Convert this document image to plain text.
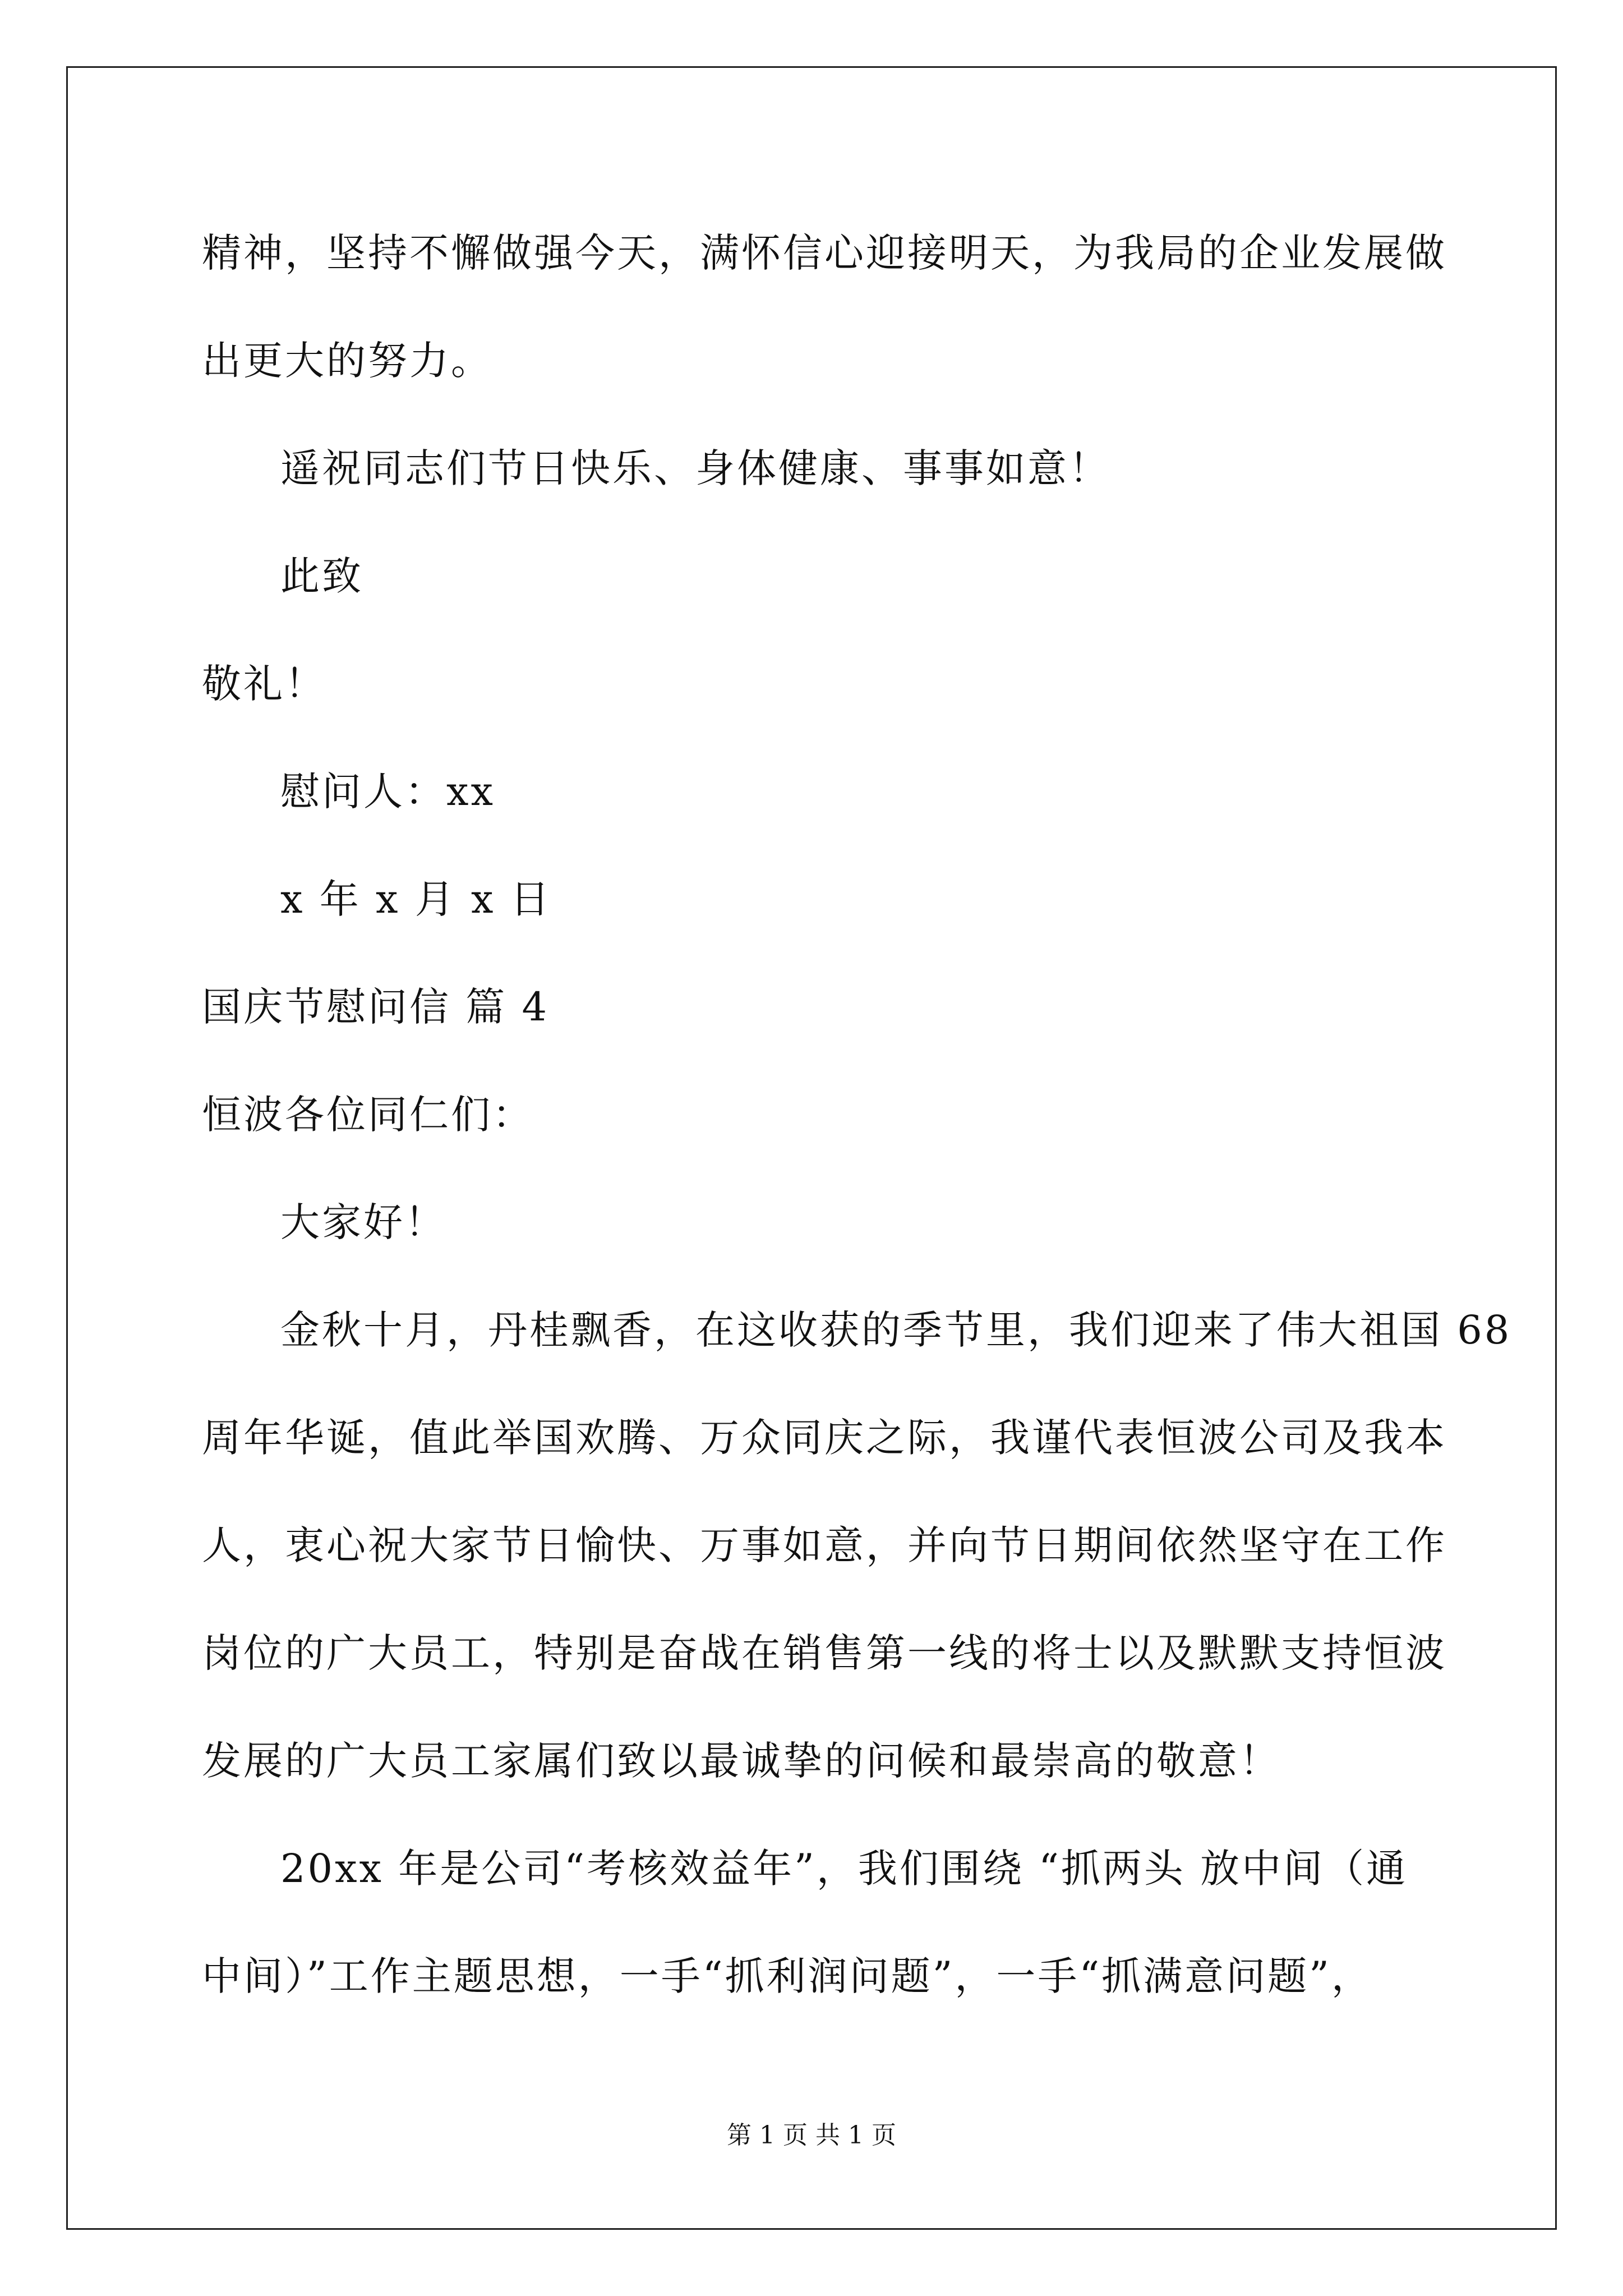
精神，坚持不懈做强今天，满怀信心迎接明天，为我局的企业发展做

出更大的努力。

遥祝同志们节日快乐、身体健康、事事如意！

此致

敬礼！

慰问人：xx

x 年 x 月 x 日

国庆节慰问信 篇 4

恒波各位同仁们：

大家好！

金秋十月，丹桂飘香，在这收获的季节里，我们迎来了伟大祖国 68

周年华诞，值此举国欢腾、万众同庆之际，我谨代表恒波公司及我本

人，衷心祝大家节日愉快、万事如意，并向节日期间依然坚守在工作

岗位的广大员工，特别是奋战在销售第一线的将士以及默默支持恒波

发展的广大员工家属们致以最诚挚的问候和最崇高的敬意！

20xx 年是公司“考核效益年”，我们围绕 “抓两头 放中间（通

中间）”工作主题思想，一手“抓利润问题”，一手“抓满意问题”，

第 1 页 共 1 页
